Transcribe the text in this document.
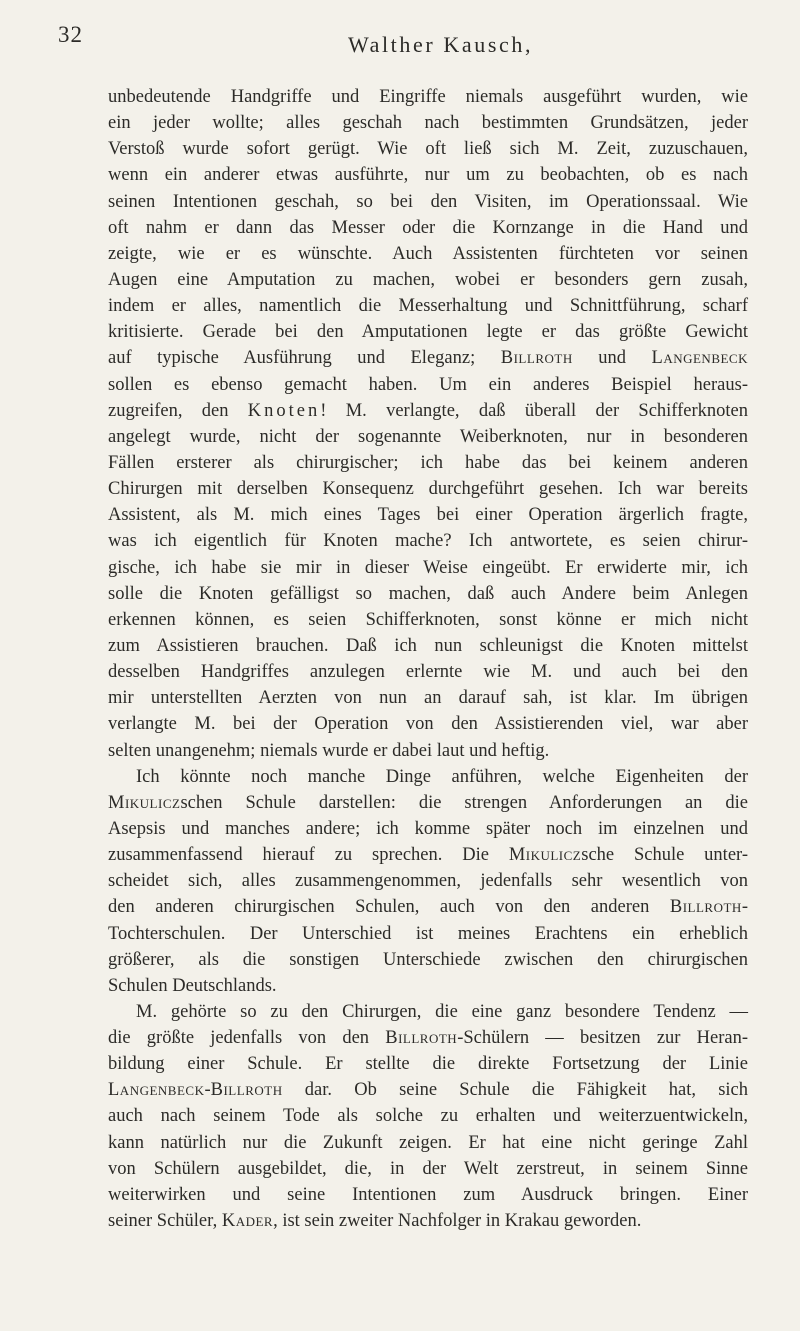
32	Walther Kausch,
unbedeutende Handgriffe und Eingriffe niemals ausgeführt wurden, wie
ein jeder wollte; alles geschah nach bestimmten Grundsätzen, jeder
Verstoß wurde sofort gerügt. Wie oft ließ sich M. Zeit, zuzuschauen,
wenn ein anderer etwas ausführte, nur um zu beobachten, ob es nach
seinen Intentionen geschah, so bei den Visiten, im Operationssaal. Wie
oft nahm er dann das Messer oder die Kornzange in die Hand und
zeigte, wie er es wünschte. Auch Assistenten fürchteten vor seinen
Augen eine Amputation zu machen, wobei er besonders gern zusah,
indem er alles, namentlich die Messerhaltung und Schnittführung, scharf
kritisierte. Gerade bei den Amputationen legte er das größte Gewicht
auf typische Ausführung und Eleganz; Billroth und Langenbeck
sollen es ebenso gemacht haben. Um ein anderes Beispiel heraus-
zugreifen, den Knoten! M. verlangte, daß überall der Schifferknoten
angelegt wurde, nicht der sogenannte Weiberknoten, nur in besonderen
Fällen ersterer als chirurgischer; ich habe das bei keinem anderen
Chirurgen mit derselben Konsequenz durchgeführt gesehen. Ich war bereits
Assistent, als M. mich eines Tages bei einer Operation ärgerlich fragte,
was ich eigentlich für Knoten mache? Ich antwortete, es seien chirur-
gische, ich habe sie mir in dieser Weise eingeübt. Er erwiderte mir, ich
solle die Knoten gefälligst so machen, daß auch Andere beim Anlegen
erkennen können, es seien Schifferknoten, sonst könne er mich nicht
zum Assistieren brauchen. Daß ich nun schleunigst die Knoten mittelst
desselben Handgriffes anzulegen erlernte wie M. und auch bei den
mir unterstellten Aerzten von nun an darauf sah, ist klar. Im übrigen
verlangte M. bei der Operation von den Assistierenden viel, war aber
selten unangenehm; niemals wurde er dabei laut und heftig.
Ich könnte noch manche Dinge anführen, welche Eigenheiten der
Mikuliczschen Schule darstellen: die strengen Anforderungen an die
Asepsis und manches andere; ich komme später noch im einzelnen und
zusammenfassend hierauf zu sprechen. Die Mikuliczsche Schule unter-
scheidet sich, alles zusammengenommen, jedenfalls sehr wesentlich von
den anderen chirurgischen Schulen, auch von den anderen Billroth-
Tochterschulen. Der Unterschied ist meines Erachtens ein erheblich
größerer, als die sonstigen Unterschiede zwischen den chirurgischen
Schulen Deutschlands.
M. gehörte so zu den Chirurgen, die eine ganz besondere Tendenz —
die größte jedenfalls von den Billroth-Schülern — besitzen zur Heran-
bildung einer Schule. Er stellte die direkte Fortsetzung der Linie
Langenbeck-Billroth dar. Ob seine Schule die Fähigkeit hat, sich
auch nach seinem Tode als solche zu erhalten und weiterzuentwickeln,
kann natürlich nur die Zukunft zeigen. Er hat eine nicht geringe Zahl
von Schülern ausgebildet, die, in der Welt zerstreut, in seinem Sinne
weiterwirken und seine Intentionen zum Ausdruck bringen. Einer
seiner Schüler, Kader, ist sein zweiter Nachfolger in Krakau geworden.
